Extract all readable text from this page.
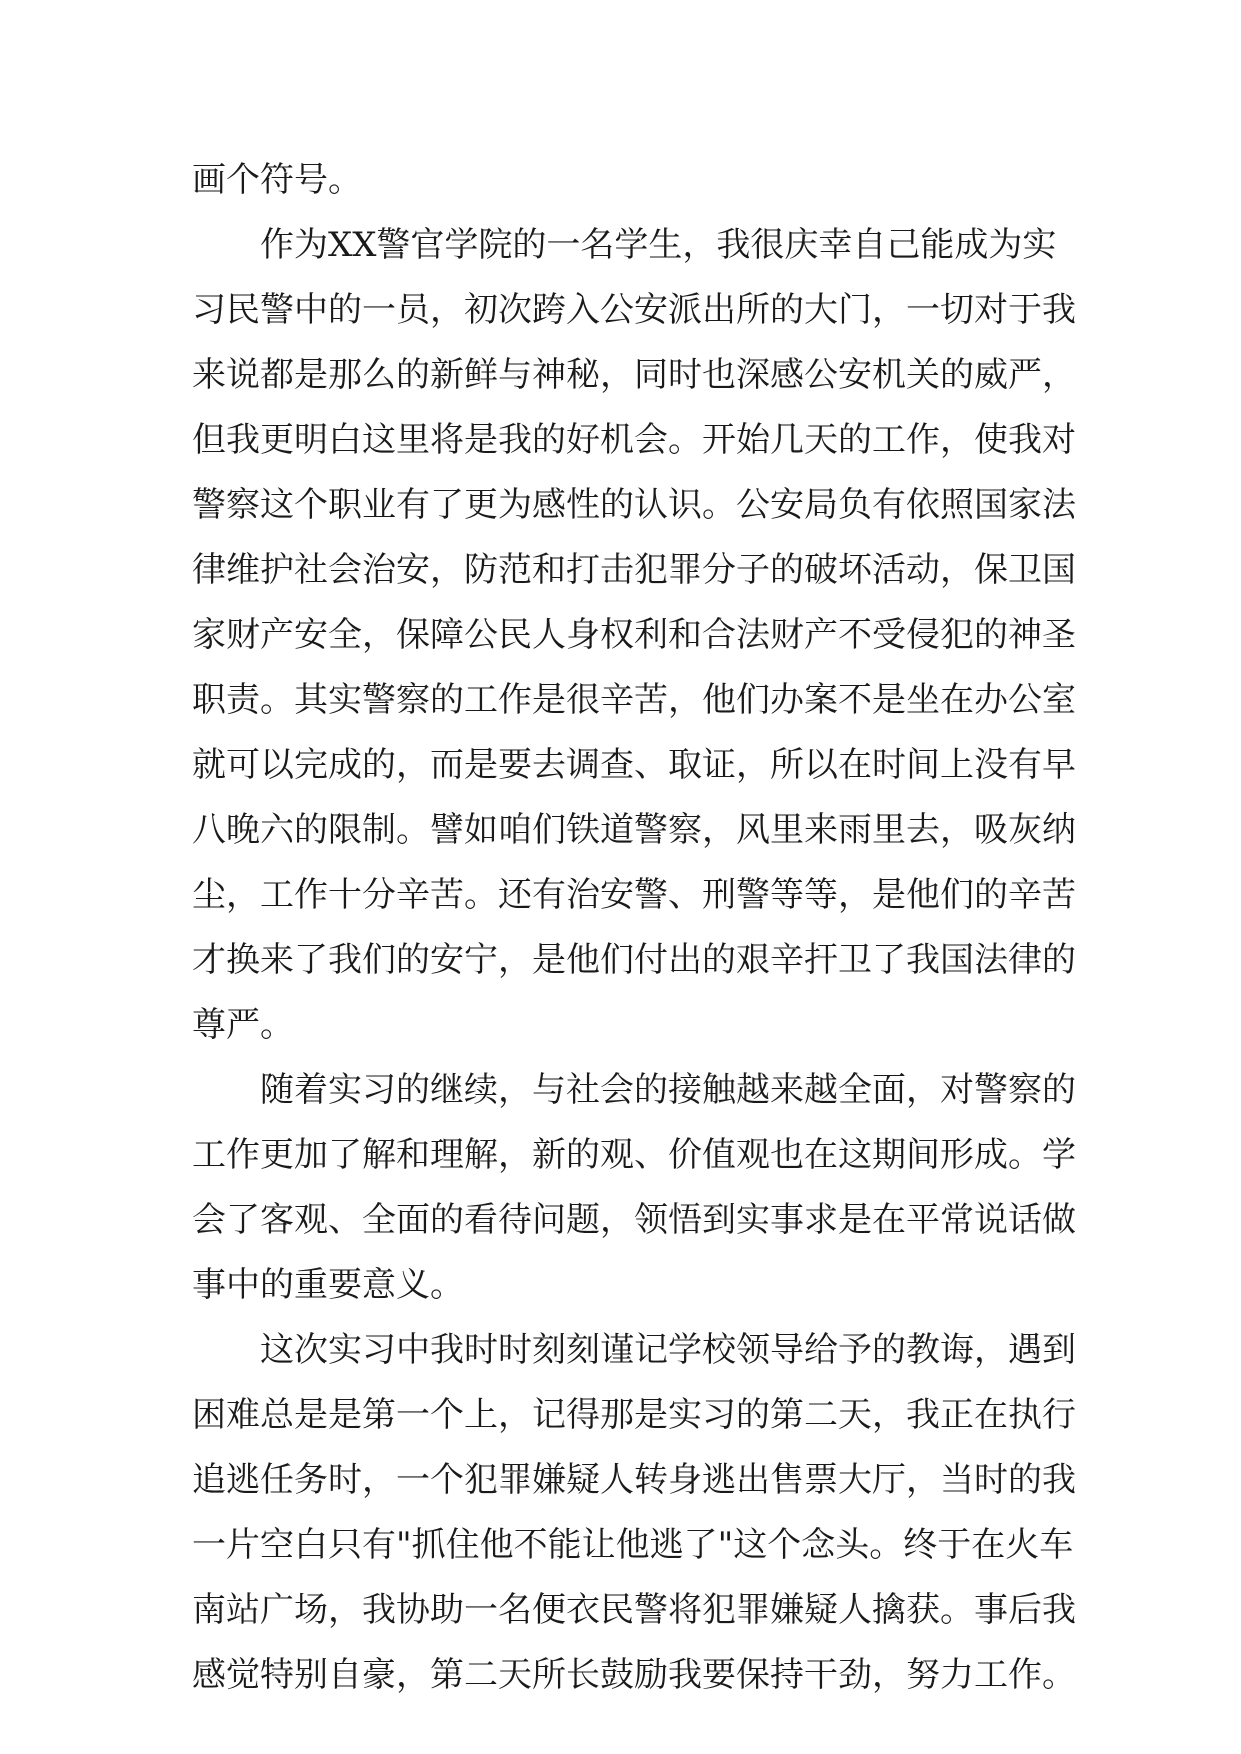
画个符号。
作为XX警官学院的一名学生，我很庆幸自己能成为实
习民警中的一员，初次跨入公安派出所的大门，一切对于我
来说都是那么的新鲜与神秘，同时也深感公安机关的威严，
但我更明白这里将是我的好机会。开始几天的工作，使我对
警察这个职业有了更为感性的认识。公安局负有依照国家法
律维护社会治安，防范和打击犯罪分子的破坏活动，保卫国
家财产安全，保障公民人身权利和合法财产不受侵犯的神圣
职责。其实警察的工作是很辛苦，他们办案不是坐在办公室
就可以完成的，而是要去调查、取证，所以在时间上没有早
八晚六的限制。譬如咱们铁道警察，风里来雨里去，吸灰纳
尘，工作十分辛苦。还有治安警、刑警等等，是他们的辛苦
才换来了我们的安宁，是他们付出的艰辛扞卫了我国法律的
尊严。
随着实习的继续，与社会的接触越来越全面，对警察的
工作更加了解和理解，新的观、价值观也在这期间形成。学
会了客观、全面的看待问题，领悟到实事求是在平常说话做
事中的重要意义。
这次实习中我时时刻刻谨记学校领导给予的教诲，遇到
困难总是是第一个上，记得那是实习的第二天，我正在执行
追逃任务时，一个犯罪嫌疑人转身逃出售票大厅，当时的我
一片空白只有"抓住他不能让他逃了"这个念头。终于在火车
南站广场，我协助一名便衣民警将犯罪嫌疑人擒获。事后我
感觉特别自豪，第二天所长鼓励我要保持干劲，努力工作。
